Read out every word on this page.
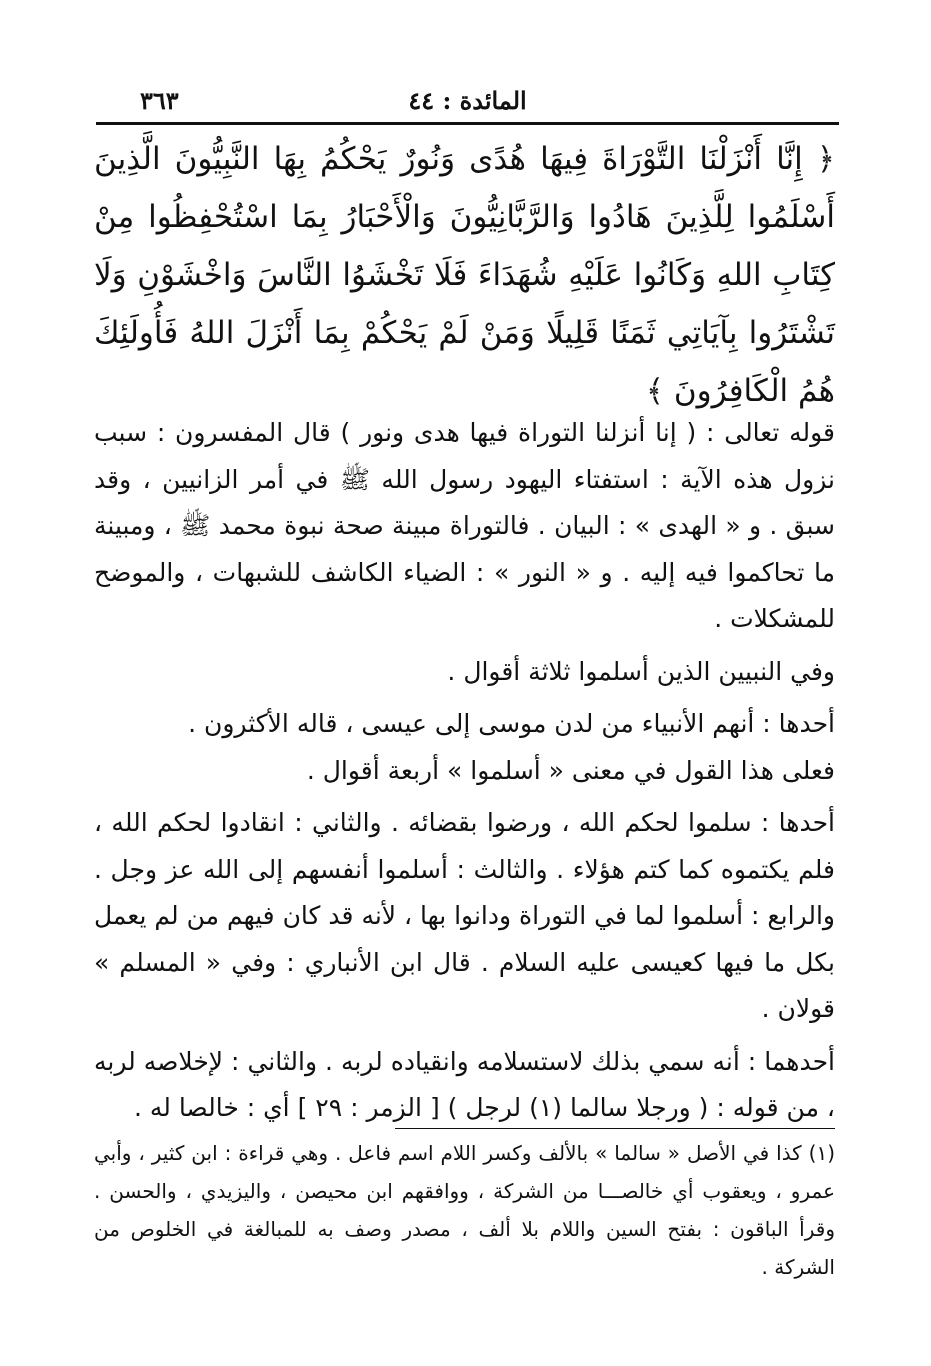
المائدة : ٤٤
٣٦٣
﴿ إِنَّا أَنْزَلْنَا التَّوْرَاةَ فِيهَا هُدًى وَنُورٌ يَحْكُمُ بِهَا النَّبِيُّونَ الَّذِينَ أَسْلَمُوا لِلَّذِينَ هَادُوا وَالرَّبَّانِيُّونَ وَالْأَحْبَارُ بِمَا اسْتُحْفِظُوا مِنْ كِتَابِ اللهِ وَكَانُوا عَلَيْهِ شُهَدَاءَ فَلَا تَخْشَوُا النَّاسَ وَاخْشَوْنِ وَلَا تَشْتَرُوا بِآيَاتِي ثَمَنًا قَلِيلًا وَمَنْ لَمْ يَحْكُمْ بِمَا أَنْزَلَ اللهُ فَأُولَئِكَ هُمُ الْكَافِرُونَ ﴾

قوله تعالى : ( إنا أنزلنا التوراة فيها هدى ونور ) قال المفسرون : سبب نزول هذه الآية : استفتاء اليهود رسول الله ﷺ في أمر الزانيين ، وقد سبق . و « الهدى » : البيان . فالتوراة مبينة صحة نبوة محمد ﷺ ، ومبينة ما تحاكموا فيه إليه . و « النور » : الضياء الكاشف للشبهات ، والموضح للمشكلات .

وفي النبيين الذين أسلموا ثلاثة أقوال .

أحدها : أنهم الأنبياء من لدن موسى إلى عيسى ، قاله الأكثرون .

فعلى هذا القول في معنى « أسلموا » أربعة أقوال .

أحدها : سلموا لحكم الله ، ورضوا بقضائه . والثاني : انقادوا لحكم الله ، فلم يكتموه كما كتم هؤلاء . والثالث : أسلموا أنفسهم إلى الله عز وجل . والرابع : أسلموا لما في التوراة ودانوا بها ، لأنه قد كان فيهم من لم يعمل بكل ما فيها كعيسى عليه السلام . قال ابن الأنباري : وفي « المسلم » قولان .

أحدهما : أنه سمي بذلك لاستسلامه وانقياده لربه . والثاني : لإخلاصه لربه ، من قوله : ( ورجلا سالما (١) لرجل ) [ الزمر : ٢٩ ] أي : خالصا له .

(١) كذا في الأصل « سالما » بالألف وكسر اللام اسم فاعل . وهي قراءة : ابن كثير ، وأبي عمرو ، ويعقوب أي خالصـــا من الشركة ، ووافقهم ابن محيصن ، واليزيدي ، والحسن . وقرأ الباقون : بفتح السين واللام بلا ألف ، مصدر وصف به للمبالغة في الخلوص من الشركة .
